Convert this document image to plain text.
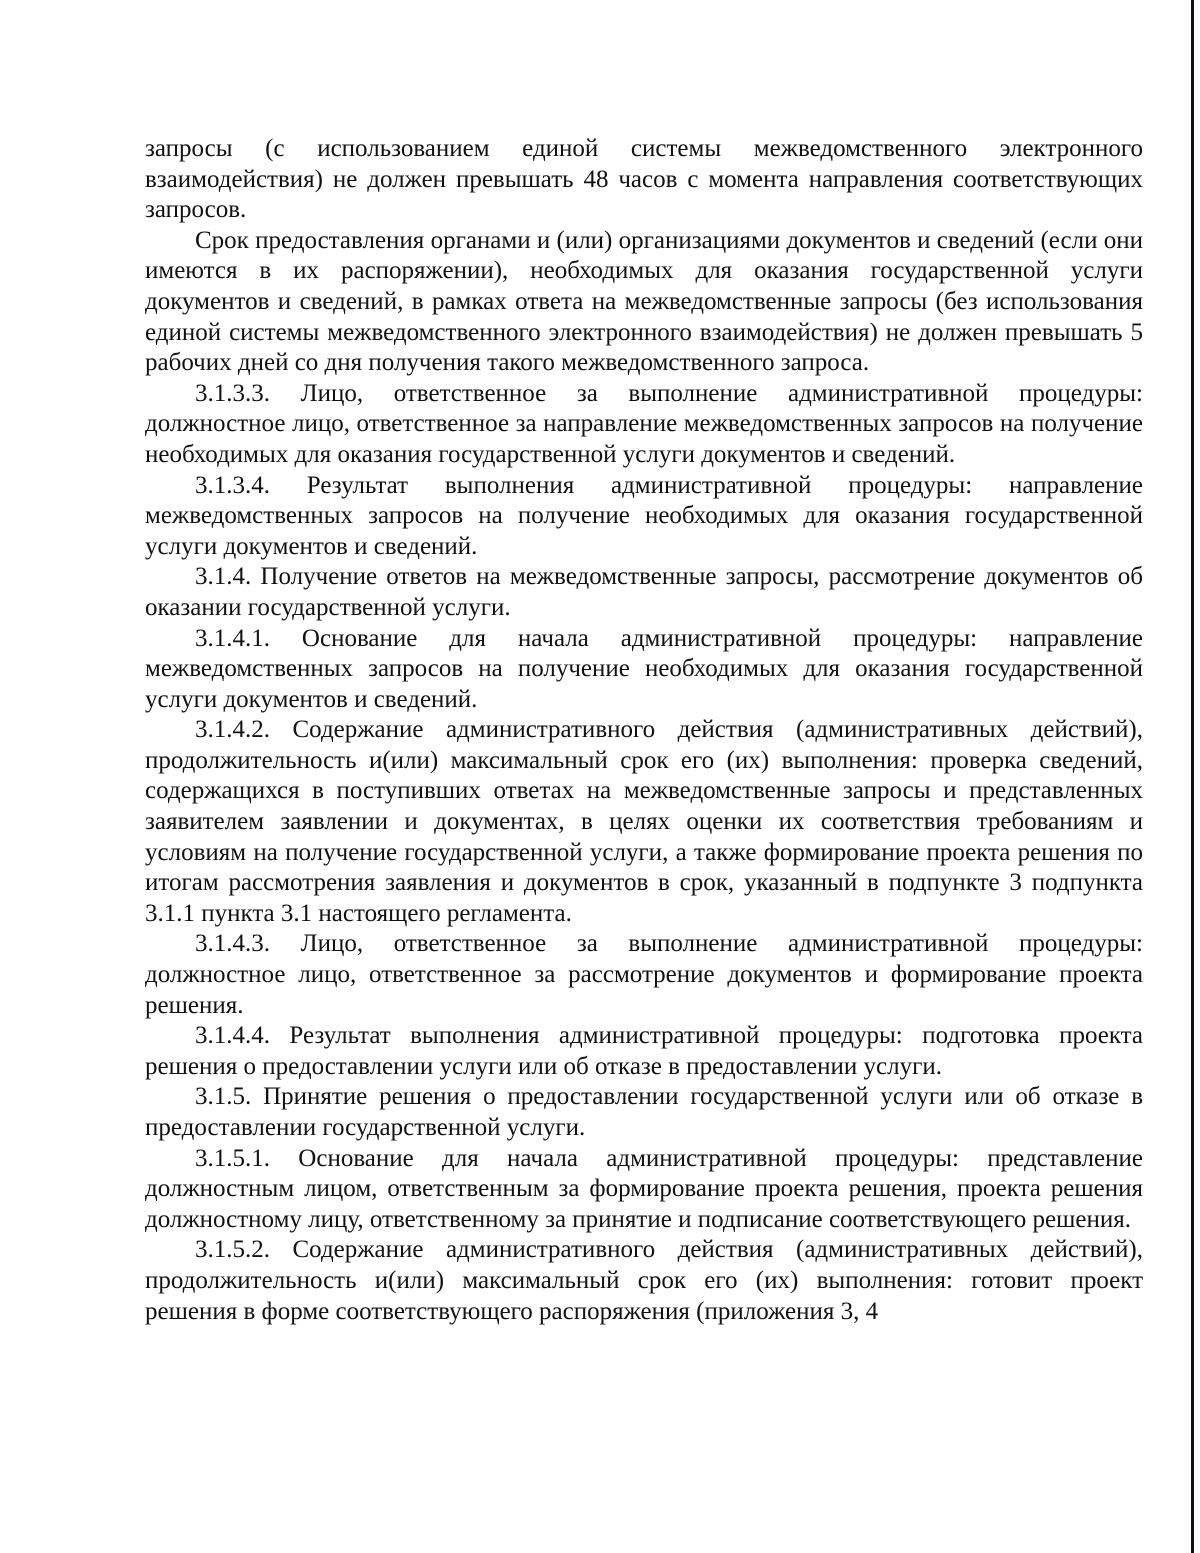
запросы (с использованием единой системы межведомственного электронного взаимодействия) не должен превышать 48 часов с момента направления соответствующих запросов.

Срок предоставления органами и (или) организациями документов и сведений (если они имеются в их распоряжении), необходимых для оказания государственной услуги документов и сведений, в рамках ответа на межведомственные запросы (без использования единой системы межведомственного электронного взаимодействия) не должен превышать 5 рабочих дней со дня получения такого межведомственного запроса.

3.1.3.3. Лицо, ответственное за выполнение административной процедуры: должностное лицо, ответственное за направление межведомственных запросов на получение необходимых для оказания государственной услуги документов и сведений.

3.1.3.4. Результат выполнения административной процедуры: направление межведомственных запросов на получение необходимых для оказания государственной услуги документов и сведений.

3.1.4. Получение ответов на межведомственные запросы, рассмотрение документов об оказании государственной услуги.

3.1.4.1. Основание для начала административной процедуры: направление межведомственных запросов на получение необходимых для оказания государственной услуги документов и сведений.

3.1.4.2. Содержание административного действия (административных действий), продолжительность и(или) максимальный срок его (их) выполнения: проверка сведений, содержащихся в поступивших ответах на межведомственные запросы и представленных заявителем заявлении и документах, в целях оценки их соответствия требованиям и условиям на получение государственной услуги, а также формирование проекта решения по итогам рассмотрения заявления и документов в срок, указанный в подпункте 3 подпункта 3.1.1 пункта 3.1 настоящего регламента.

3.1.4.3. Лицо, ответственное за выполнение административной процедуры: должностное лицо, ответственное за рассмотрение документов и формирование проекта решения.

3.1.4.4. Результат выполнения административной процедуры: подготовка проекта решения о предоставлении услуги или об отказе в предоставлении услуги.

3.1.5. Принятие решения о предоставлении государственной услуги или об отказе в предоставлении государственной услуги.

3.1.5.1. Основание для начала административной процедуры: представление должностным лицом, ответственным за формирование проекта решения, проекта решения должностному лицу, ответственному за принятие и подписание соответствующего решения.

3.1.5.2. Содержание административного действия (административных действий), продолжительность и(или) максимальный срок его (их) выполнения: готовит проект решения в форме соответствующего распоряжения (приложения 3, 4
